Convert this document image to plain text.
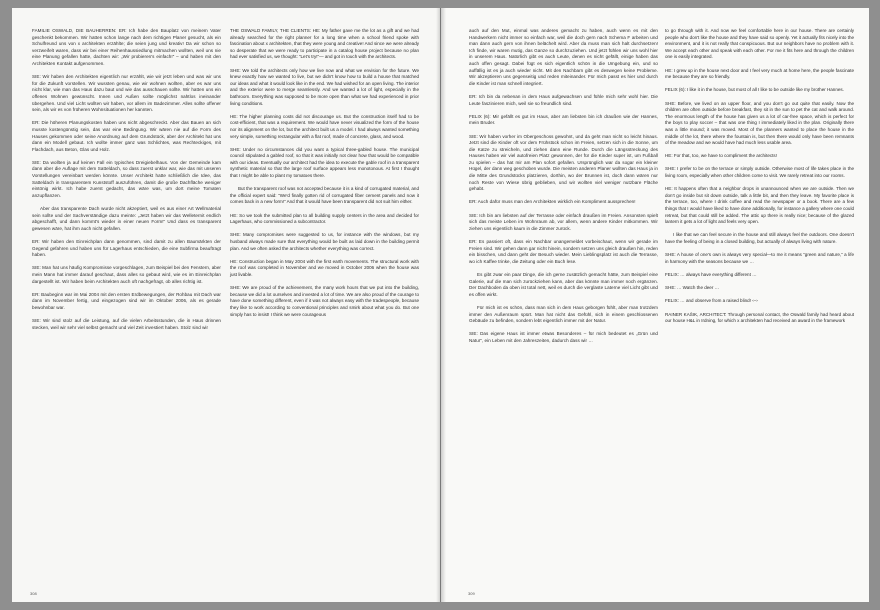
FAMILIE OSWALD, DIE BAUHERREN: ER: Ich habe den Bauplatz von meinem Vater geschenkt bekommen. Wir hatten schon lange nach dem richtigen Planer gesucht, als ein Schulfreund uns von x architekten erzählte; die seien jung und kreativ! Da wir schon so verzweifelt waren, dass wir bei einer Reihenhaussiedlung mitmachen wollten, weil uns nie eine Planung gefallen hatte, dachten wir: „Wir probieren's einfach!“ – und haben mit den Architekten Kontakt aufgenommen.

SIE: Wir haben den Architekten eigentlich nur erzählt, wie wir jetzt leben und was wir uns für die Zukunft vorstellen. Wir wussten genau, wie wir wohnen wollten, aber es war uns nicht klar, wie man das Haus dazu baut und wie das ausschauen sollte. Wir hatten uns ein offenes Wohnen gewünscht. Innen und Außen sollte möglichst nahtlos ineinander übergehen. Und viel Licht wollten wir haben, vor allem im Badezimmer. Alles sollte offener sein, als wir es von früheren Wohnsituationen her kannten.

ER: Die höheren Planungskosten haben uns nicht abgeschreckt. Aber das Bauen an sich musste kostengünstig sein, das war eine Bedingung. Wir wären nie auf die Form des Hauses gekommen oder seine Anordnung auf dem Grundstück, aber der Architekt hat uns dann ein Modell gebaut. Ich wollte immer ganz was Schlichtes, was Rechteckiges, mit Flachdach, aus Beton, Glas und Holz.

SIE: Da wollten ja auf keinen Fall ein typisches Dreigiebelhaus. Von der Gemeinde kam dann aber die Auflage mit dem Satteldach, so dass zuerst unklar war, wie das mit unseren Vorstellungen vereinbart werden könnte. Unser Architekt hatte schließlich die Idee, das Satteldach in transparentem Kunststoff auszuführen, damit die große Dachfläche weniger eintönig wirkt. Ich habe zuerst gedacht, das wäre was, um dort meine Tomaten anzupflanzen.

Aber das transparente Dach wurde nicht akzeptiert, weil es aus einer Art Wellmaterial sein sollte und der Sachverständige dazu meinte: „Jetzt haben wir das Welleternit endlich abgeschafft, und dann kommt's wieder in einer neuen Form!“ Und dass es transparent gewesen wäre, hat ihm auch nicht gefallen.

ER: Wir haben den Einreichplan dann genommen, sind damit zu allen Baumärkten der Gegend gefahren und haben uns für Lagerhaus entschieden, die eine Subfirma beauftragt haben.

SIE: Man hat uns häufig Kompromisse vorgeschlagen, zum Beispiel bei den Fenstern, aber mein Mann hat immer darauf geschaut, dass alles so gebaut wird, wie es im Einreichplan dargestellt ist. Wir haben beim Architekten auch oft nachgefragt, ob alles richtig ist.

ER: Baubeginn war im Mai 2004 mit den ersten Erdbewegungen, der Rohbau mit Dach war dann im November fertig, und eingezogen sind wir im Oktober 2006, als es gerade bewohnbar war.

SIE: Wir sind stolz auf die Leistung, auf die vielen Arbeitsstunden, die in Haus drinnen stecken, weil wir sehr viel selbst gemacht und viel Zeit investiert haben. Stolz sind wir

THE OSWALD FAMILY, THE CLIENTS: HE: My father gave me the lot as a gift and we had already searched for the right planner for a long time when a school friend spoke with fascination about x architekten, that they were young and creative! And since we were already so desperate that we were ready to participate in a catalog house project because no plan had ever satisfied us, we thought: “Let's try!”— and got in touch with the architects.

SHE: We told the architects only how we live now and what we envision for the future. We knew exactly how we wanted to live, but we didn't know how to build a house that matched our ideas and what it would look like in the end. We had wished for an open living. The interior and the exterior were to merge seamlessly. And we wanted a lot of light, especially in the bathroom. Everything was supposed to be more open than what we had experienced in prior living conditions.

HE: The higher planning costs did not discourage us. But the construction itself had to be cost-efficient, that was a requirement. We would have never visualized the form of the house nor its alignment on the lot, but the architect built us a model. I had always wanted something very simple, something rectangular with a flat roof, made of concrete, glass, and wood.

SHE: Under no circumstances did you want a typical three-gabled house. The municipal council stipulated a gabled roof, so that it was initially not clear how that would be compatible with our ideas. Eventually our architect had the idea to execute the gable roof in a transparent synthetic material so that the large roof surface appears less monotonous. At first I thought that I might be able to plant my tomatoes there.

But the transparent roof was not accepted because it is a kind of corrugated material, and the official expert said: “We'd finally gotten rid of corrugated fiber cement panels and now it comes back in a new form!” And that it would have been transparent did not suit him either.

HE: So we took the submitted plan to all building supply centers in the area and decided for Lagerhaus, who commissioned a subcontractor.

SHE: Many compromises were suggested to us, for instance with the windows, but my husband always made sure that everything would be built as laid down in the building permit plan. And we often asked the architects whether everything was correct.

HE: Construction began in May 2004 with the first earth movements. The structural work with the roof was completed in November and we moved in October 2006 when the house was just livable.

SHE: We are proud of the achievement, the many work hours that we put into the building, because we did a lot ourselves and invested a lot of time. We are also proud of the courage to have done something different, even if it was not always easy with the tradespeople, because they like to work according to conventional principles and smirk about what you do. But one simply has to insist! I think we were courageous

308

auch auf den Mut, einmal was anderes gemacht zu haben, auch wenn es mit den Handwerkern nicht immer so einfach war, weil die doch gern nach Schema F arbeiten und man dann auch gern von ihnen belächelt wird. Aber da muss man sich halt durchsetzen! Ich finde, wir waren mutig, das Ganze so durchzuziehen. Und jetzt fühlen wir uns wohl hier in unserem Haus. Natürlich gibt es auch Leute, denen es nicht gefällt, einige haben das auch offen gesagt. Dabei fügt es sich eigentlich schön in die Umgebung ein, und so auffällig ist es ja auch wieder nicht. Mit den Nachbarn gibt es deswegen keine Probleme. Wir akzeptieren uns gegenseitig und reden miteinander. Für mich passt es hier und durch die Kinder ist man schnell integriert.

ER: Ich bin da nebenan in dem Haus aufgewachsen und fühle mich sehr wohl hier. Die Leute faszinieren mich, weil sie so freundlich sind.

FELIX (6): Mir gefällt es gut im Haus, aber am liebsten bin ich draußen wie der Hannes, mein Bruder.

SIE: Wir haben vorher im Obergeschoss gewohnt, und da geht man nicht so leicht hinaus. Jetzt sind die Kinder oft vor dem Frühstück schon im Freien, setzen sich in die Sonne, um die Katze zu streicheln, und ziehen dann eine Runde. Durch die Längsstreckung des Hauses haben wir viel autofreien Platz gewonnen, der für die Kinder super ist, um Fußball zu spielen – das hat mir am Plan sofort gefallen. Ursprünglich war da sogar ein kleiner Hügel, der dann weg geschoben wurde. Die meisten anderen Planer wollten das Haus ja in die Mitte des Grundstücks platzieren, dorthin, wo der Brunnen ist, doch dann wären nur noch Reste von Wiese übrig geblieben, und wir wollten viel weniger nutzbare Fläche gehabt.

ER: Auch dafür muss man den Architekten wirklich ein Kompliment aussprechen!

SIE: Ich bin am liebsten auf der Terrasse oder einfach draußen im Freien. Ansonsten spielt sich das meiste Leben im Wohnraum ab, vor allem, wenn andere Kinder mitkommen. Wir ziehen uns eigentlich kaum in die Zimmer zurück.

ER: Es passiert oft, dass ein Nachbar unangemeldet vorbeischaut, wenn wir gerade im Freien sind. Wir gehen dann gar nicht hinein, sondern setzen uns gleich draußen hin, reden ein bisschen, und dann geht der Besuch wieder. Mein Lieblingsplatz ist auch die Terrasse, wo ich Kaffee trinke, die Zeitung oder ein Buch lese.

Es gibt zwar ein paar Dinge, die ich gerne zusätzlich gemacht hätte, zum Beispiel eine Galerie, auf die man sich zurückziehen kann, aber das könnte man immer noch ergänzen. Der Dachboden da oben ist total nett, weil es durch die verglaste Laterne viel Licht gibt und es offen wirkt.

Für mich ist es schön, dass man sich in dem Haus geborgen fühlt, aber man trotzdem immer den Außenraum spürt. Man hat nicht das Gefühl, sich in einem geschlossenen Gebäude zu befinden, sondern lebt eigentlich immer mit der Natur.

SIE: Das eigene Haus ist immer etwas Besonderes – für mich bedeutet es „Grün und Natur“, ein Leben mit den Jahreszeiten, dadurch dass wir …

to go through with it. And now we feel comfortable here in our house. There are certainly people who don't like the house and they have said so openly. Yet it actually fits nicely into the environment, and it is not really that conspicuous. But our neighbors have no problem with it. We accept each other and speak with each other. For me it fits here and through the children one is easily integrated.

HE: I grew up in the house next door and I feel very much at home here, the people fascinate me because they are so friendly.

FELIX (6): I like it in the house, but most of all I like to be outside like my brother Hannes.

SHE: Before, we lived on an upper floor, and you don't go out quite that easily. Now the children are often outside before breakfast, they sit in the sun to pet the cat and walk around. The enormous length of the house has given us a lot of car-free space, which is perfect for the boys to play soccer – that was one thing I immediately liked in the plan. Originally there was a little mound; it was moved. Most of the planners wanted to place the house in the middle of the lot, there where the fountain is, but then there would only have been remnants of the meadow and we would have had much less usable area.

HE: For that, too, we have to compliment the architects!

SHE: I prefer to be on the terrace or simply outside. Otherwise most of life takes place in the living room, especially when other children come to visit. We rarely retreat into our rooms.

HE: It happens often that a neighbor drops in unannounced when we are outside. Then we don't go inside but sit down outside, talk a little bit, and then they leave. My favorite place is the terrace, too, where I drink coffee and read the newspaper or a book. There are a few things that I would have liked to have done additionally, for instance a gallery where one could retreat, but that could still be added. The attic up there is really nice; because of the glazed lantern it gets a lot of light and feels very open.

I like that we can feel secure in the house and still always feel the outdoors. One doesn't have the feeling of being in a closed building, but actually of always living with nature.

SHE: A house of one's own is always very special—to me it means “green and nature,” a life in harmony with the seasons because we …

FELIX: … always have everything different …

SHE: … Watch the deer …

FELIX: … and observe from a raised blind! ‹–›

RAINER KAŠIK, ARCHITECT: Through personal contact, the Oswald family had heard about our house H&L in Irdning, for which x architekten had received an award in the framework

309
